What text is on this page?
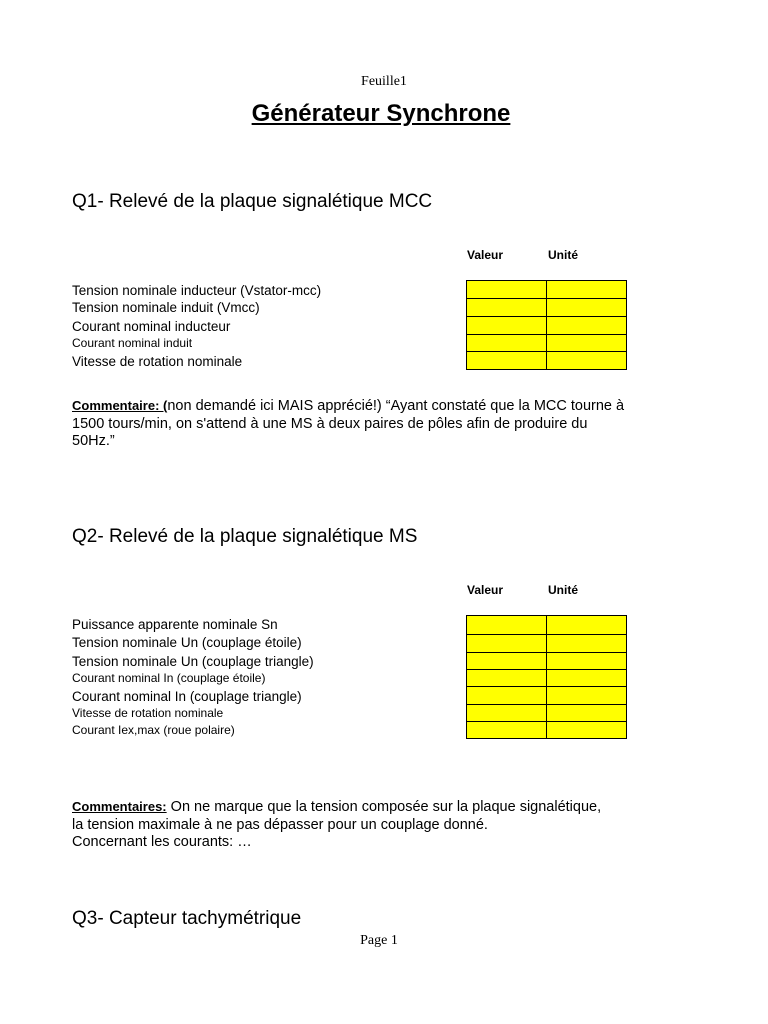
Feuille1
Générateur Synchrone
Q1- Relevé de la plaque signalétique MCC
Valeur	Unité
Tension nominale inducteur (Vstator-mcc)
Tension nominale induit (Vmcc)
Courant nominal inducteur
Courant nominal induit
Vitesse de rotation nominale

Commentaire: (non demandé ici MAIS apprécié!) “Ayant constaté que la MCC tourne à 1500 tours/min, on s'attend à une MS à deux paires de pôles afin de produire du 50Hz.”
Q2- Relevé de la plaque signalétique MS
Valeur	Unité
Puissance apparente nominale Sn
Tension nominale Un (couplage étoile)
Tension nominale Un (couplage triangle)
Courant nominal In (couplage étoile)
Courant nominal In (couplage triangle)
Vitesse de rotation nominale
Courant Iex,max (roue polaire)

Commentaires: On ne marque que la tension composée sur la plaque signalétique,
la tension maximale à ne pas dépasser pour un couplage donné.
Concernant les courants: …
Q3- Capteur tachymétrique
Page 1
